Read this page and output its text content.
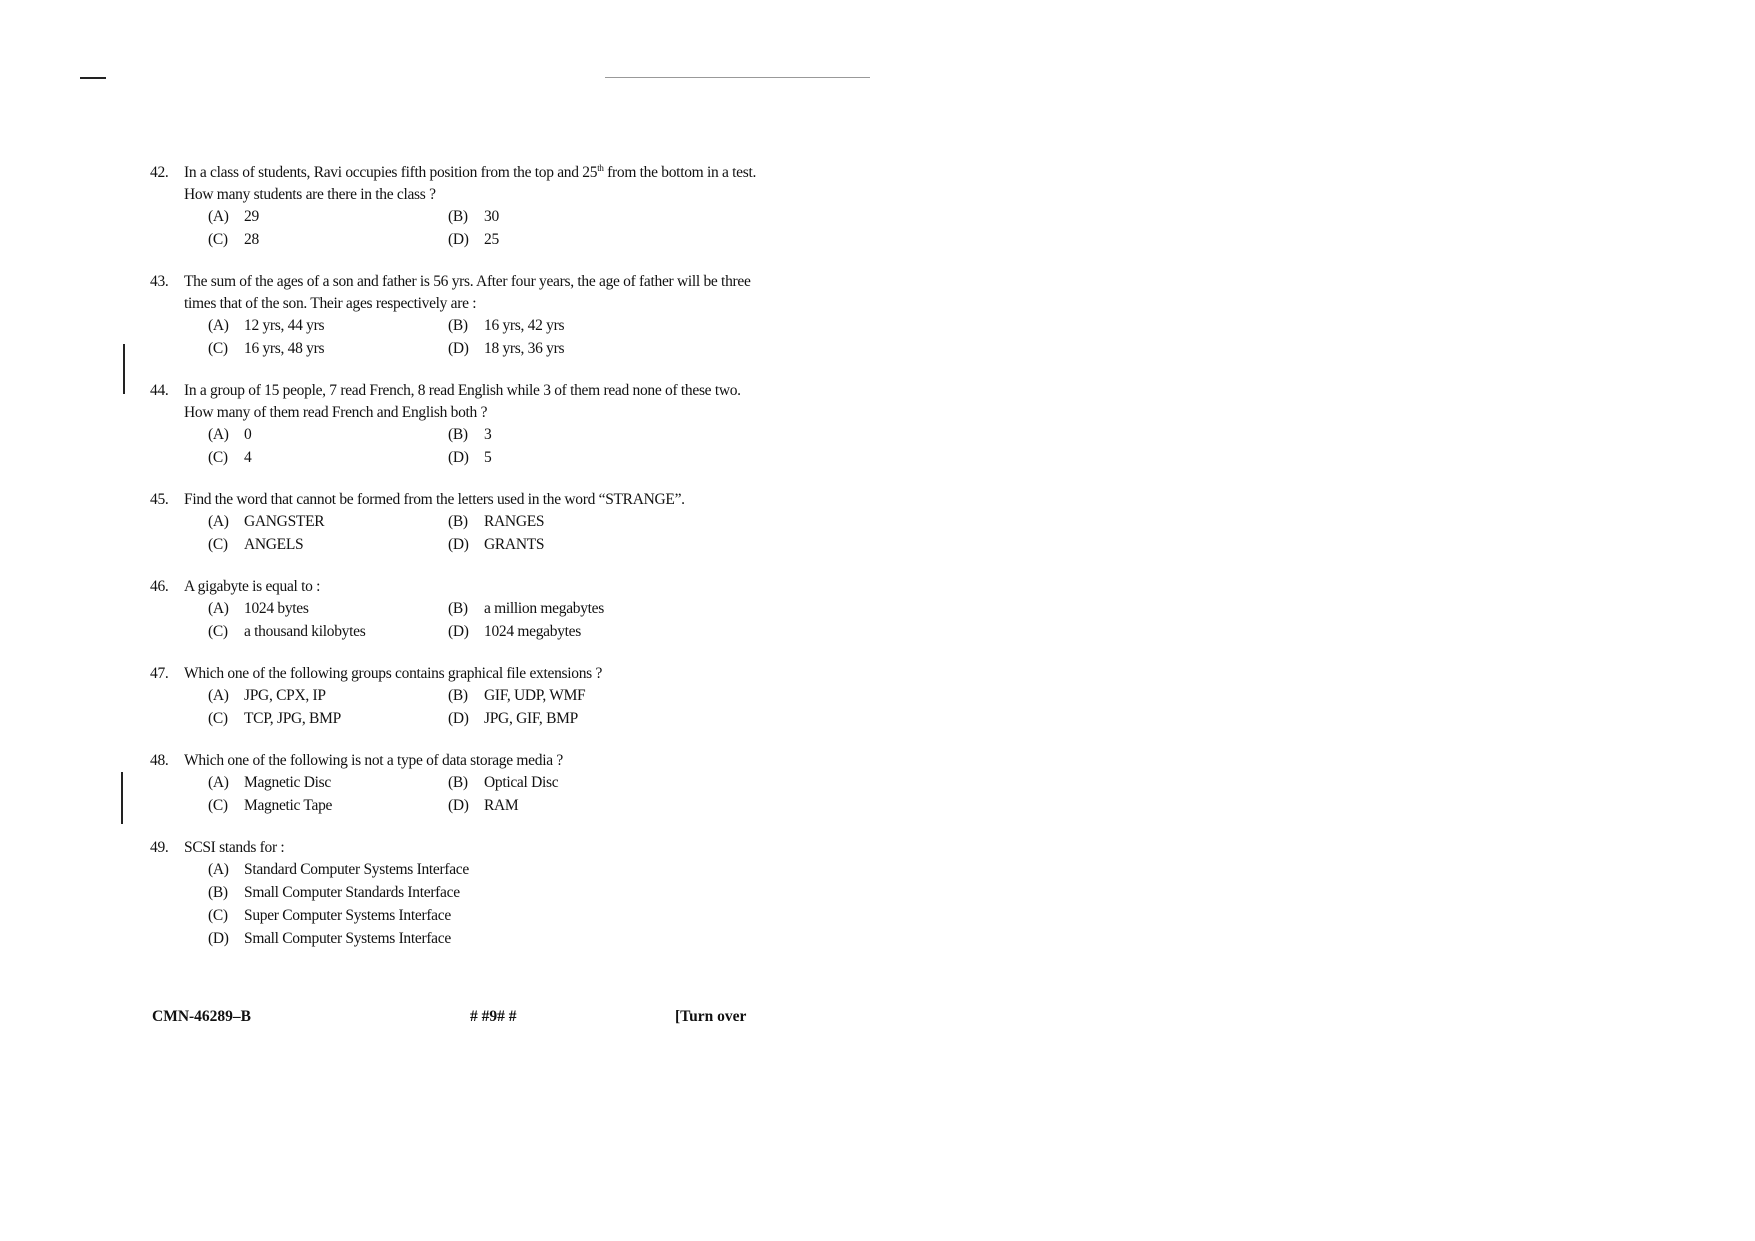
42. In a class of students, Ravi occupies fifth position from the top and 25th from the bottom in a test. How many students are there in the class ?
(A) 29	(B)	30
(C)	28	(D) 25
43. The sum of the ages of a son and father is 56 yrs. After four years, the age of father will be three times that of the son. Their ages respectively are :
(A) 12 yrs, 44 yrs	(B)	16 yrs, 42 yrs
(C)	16 yrs, 48 yrs	(D) 18 yrs, 36 yrs
44. In a group of 15 people, 7 read French, 8 read English while 3 of them read none of these two. How many of them read French and English both ?
(A) 0	(B)	3
(C)	4	(D) 5
45. Find the word that cannot be formed from the letters used in the word “STRANGE”.
(A) GANGSTER	(B)	RANGES
(C)	ANGELS	(D) GRANTS
46. A gigabyte is equal to :
(A) 1024 bytes	(B)	a million megabytes
(C)	a thousand kilobytes	(D) 1024 megabytes
47. Which one of the following groups contains graphical file extensions ?
(A) JPG, CPX, IP	(B)	GIF, UDP, WMF
(C)	TCP, JPG, BMP	(D) JPG, GIF, BMP
48. Which one of the following is not a type of data storage media ?
(A) Magnetic Disc	(B)	Optical Disc
(C)	Magnetic Tape	(D) RAM
49. SCSI stands for :
(A) Standard Computer Systems Interface
(B)	Small Computer Standards Interface
(C)	Super Computer Systems Interface
(D) Small Computer Systems Interface
CMN-46289–B	# #9# #	[Turn over
